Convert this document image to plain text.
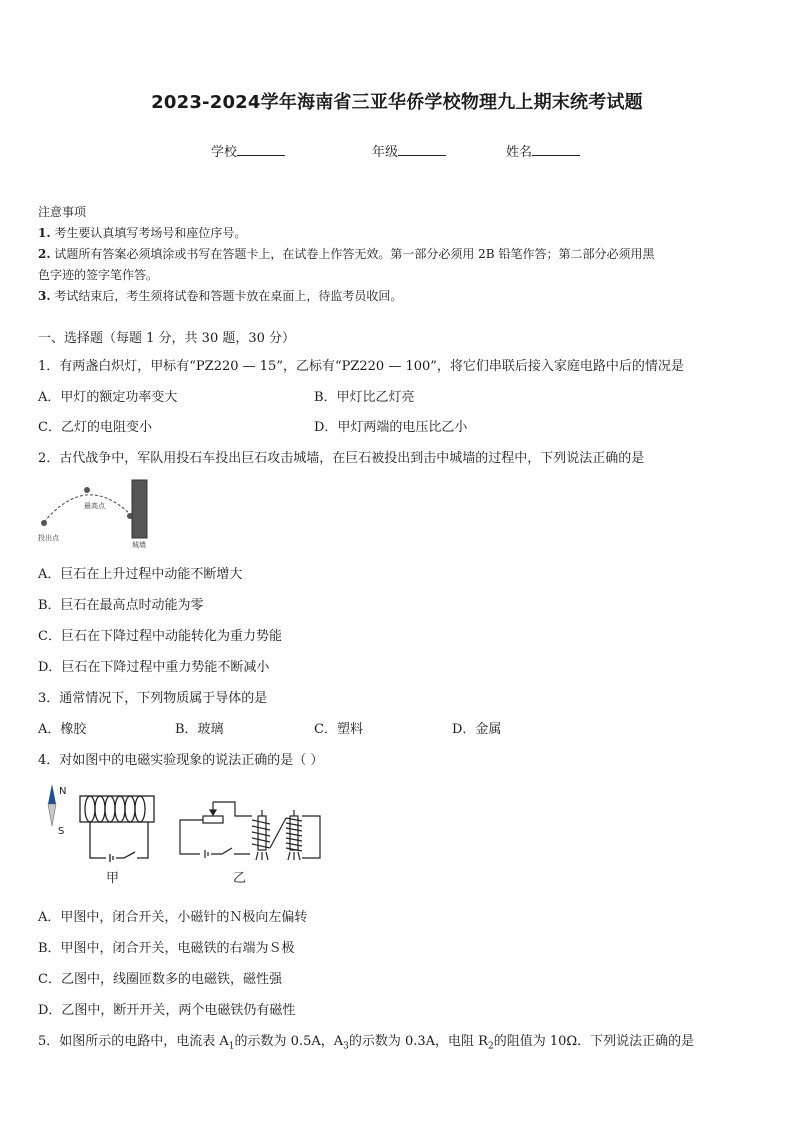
2023-2024学年海南省三亚华侨学校物理九上期末统考试题
学校	年级	姓名
注意事项
1. 考生要认真填写考场号和座位序号。
2. 试题所有答案必须填涂或书写在答题卡上，在试卷上作答无效。第一部分必须用 2B 铅笔作答；第二部分必须用黑
色字迹的签字笔作答。
3. 考试结束后，考生须将试卷和答题卡放在桌面上，待监考员收回。
一、选择题（每题 1 分，共 30 题，30 分）
1．有两盏白炽灯，甲标有“PZ220 — 15”，乙标有“PZ220 — 100”，将它们串联后接入家庭电路中后的情况是
A．甲灯的额定功率变大	B．甲灯比乙灯亮
C．乙灯的电阻变小	D．甲灯两端的电压比乙小
2．古代战争中，军队用投石车投出巨石攻击城墙，在巨石被投出到击中城墙的过程中，下列说法正确的是
投出点
最高点
城墙
A．巨石在上升过程中动能不断增大
B．巨石在最高点时动能为零
C．巨石在下降过程中动能转化为重力势能
D．巨石在下降过程中重力势能不断减小
3．通常情况下，下列物质属于导体的是
A．橡胶	B．玻璃	C．塑料	D．金属
4．对如图中的电磁实验现象的说法正确的是（ ）
N
S
甲	乙
A．甲图中，闭合开关，小磁针的Ｎ极向左偏转
B．甲图中，闭合开关，电磁铁的右端为Ｓ极
C．乙图中，线圈匝数多的电磁铁，磁性强
D．乙图中，断开开关，两个电磁铁仍有磁性
5．如图所示的电路中，电流表 $A_1$的示数为 0.5A，$A_3$的示数为 0.3A，电阻 $R_2$的阻值为 10Ω．下列说法正确的是
